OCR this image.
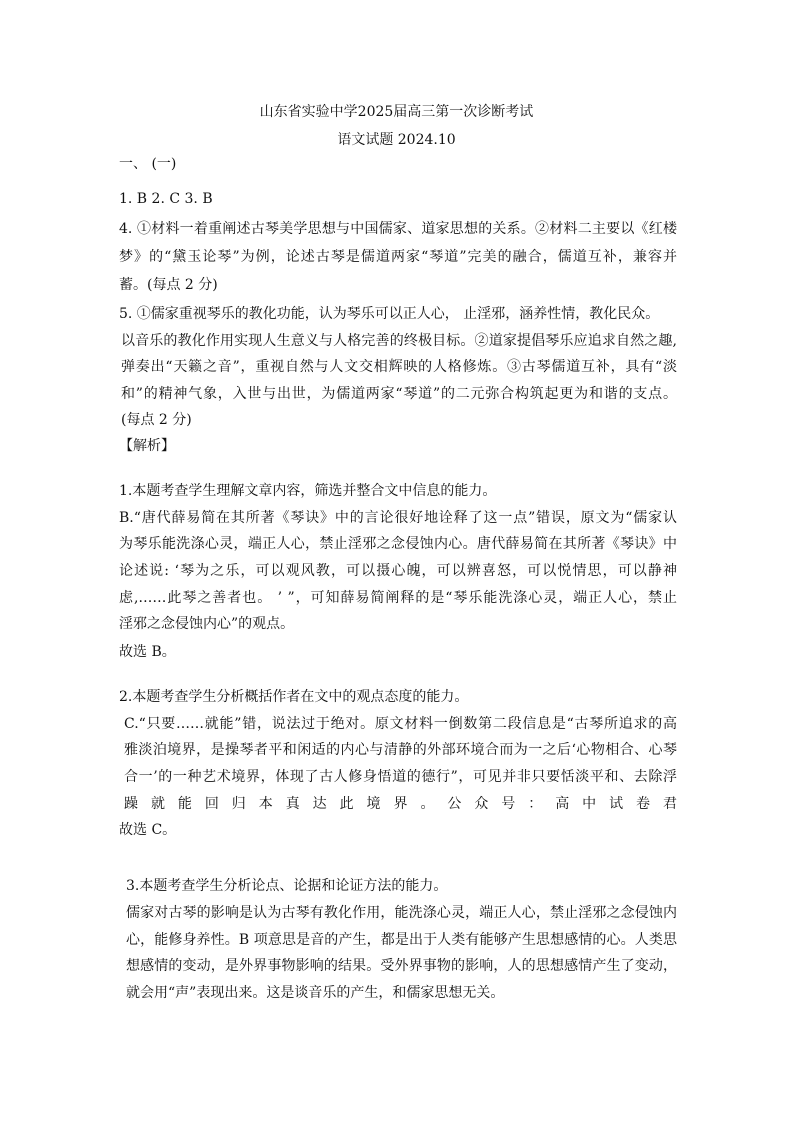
山东省实验中学2025届高三第一次诊断考试
语文试题 2024.10
一、 (一)
1. B 2. C 3. B
4. ①材料一着重阐述古琴美学思想与中国儒家、道家思想的关系。②材料二主要以《红楼
梦》的“黛玉论琴”为例，论述古琴是儒道两家“琴道”完美的融合，儒道互补，兼容并
蓄。(每点 2 分)
5. ①儒家重视琴乐的教化功能，认为琴乐可以正人心， 止淫邪，涵养性情，教化民众。
以音乐的教化作用实现人生意义与人格完善的终极目标。②道家提倡琴乐应追求自然之趣,
弹奏出“天籁之音”，重视自然与人文交相辉映的人格修炼。③古琴儒道互补，具有“淡
和”的精神气象，入世与出世，为儒道两家“琴道”的二元弥合构筑起更为和谐的支点。
(每点 2 分)
【解析】
1.本题考查学生理解文章内容，筛选并整合文中信息的能力。
B.“唐代薛易简在其所著《琴诀》中的言论很好地诠释了这一点”错误，原文为“儒家认
为琴乐能洗涤心灵，端正人心，禁止淫邪之念侵蚀内心。唐代薛易简在其所著《琴诀》中
论述说: ‘琴为之乐，可以观风教，可以摄心魄，可以辨喜怒，可以悦情思，可以静神
虑,……此琴之善者也。 ’ ”，可知薛易简阐释的是“琴乐能洗涤心灵，端正人心，禁止
淫邪之念侵蚀内心”的观点。
故选 B。
2.本题考查学生分析概括作者在文中的观点态度的能力。
C.“只要……就能”错，说法过于绝对。原文材料一倒数第二段信息是“古琴所追求的高
雅淡泊境界，是操琴者平和闲适的内心与清静的外部环境合而为一之后‘心物相合、心琴
合一’的一种艺术境界，体现了古人修身悟道的德行”，可见并非只要恬淡平和、去除浮
躁就能回归本真达此境界。公众号：高中试卷君
故选 C。
3.本题考查学生分析论点、论据和论证方法的能力。
儒家对古琴的影响是认为古琴有教化作用，能洗涤心灵，端正人心，禁止淫邪之念侵蚀内
心，能修身养性。B 项意思是音的产生，都是出于人类有能够产生思想感情的心。人类思
想感情的变动，是外界事物影响的结果。受外界事物的影响，人的思想感情产生了变动，
就会用“声”表现出来。这是谈音乐的产生，和儒家思想无关。
